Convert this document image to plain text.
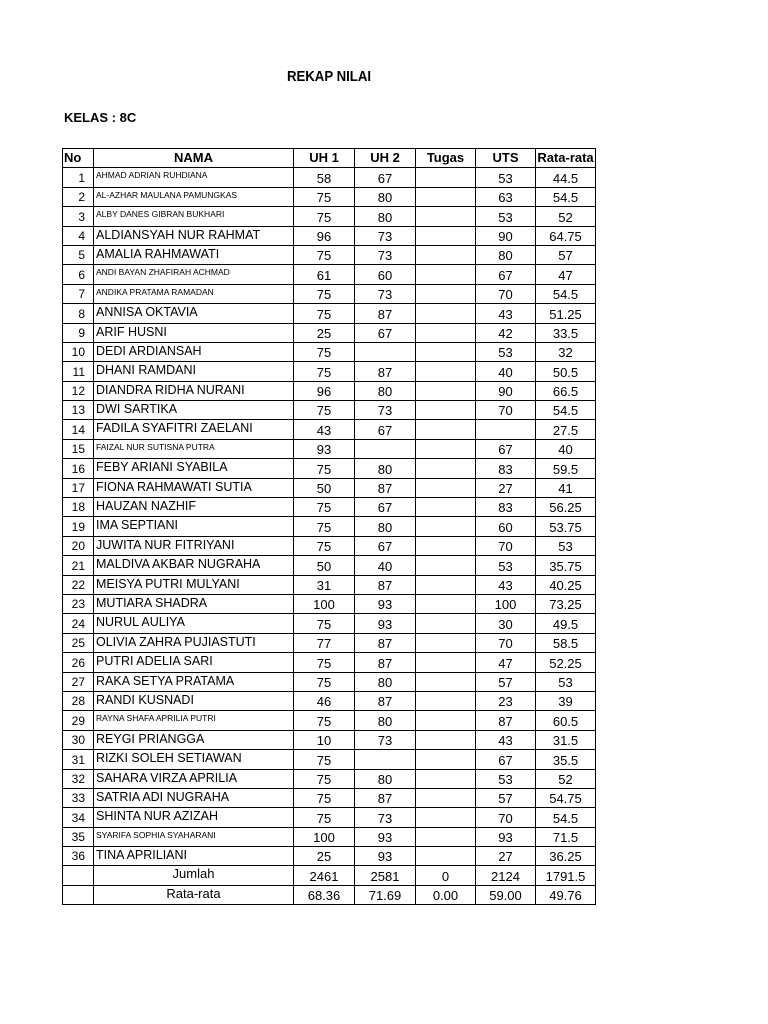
REKAP NILAI
KELAS : 8C
No	NAMA	UH 1	UH 2	Tugas	UTS	Rata-rata
1	AHMAD ADRIAN RUHDIANA	58	67		53	44.5
2	AL-AZHAR MAULANA PAMUNGKAS	75	80		63	54.5
3	ALBY DANES GIBRAN BUKHARI	75	80		53	52
4	ALDIANSYAH NUR RAHMAT	96	73		90	64.75
5	AMALIA RAHMAWATI	75	73		80	57
6	ANDI BAYAN ZHAFIRAH ACHMAD	61	60		67	47
7	ANDIKA PRATAMA RAMADAN	75	73		70	54.5
8	ANNISA OKTAVIA	75	87		43	51.25
9	ARIF HUSNI	25	67		42	33.5
10	DEDI ARDIANSAH	75			53	32
11	DHANI RAMDANI	75	87		40	50.5
12	DIANDRA RIDHA NURANI	96	80		90	66.5
13	DWI SARTIKA	75	73		70	54.5
14	FADILA SYAFITRI ZAELANI	43	67			27.5
15	FAIZAL NUR SUTISNA PUTRA	93			67	40
16	FEBY ARIANI SYABILA	75	80		83	59.5
17	FIONA RAHMAWATI SUTIA	50	87		27	41
18	HAUZAN NAZHIF	75	67		83	56.25
19	IMA SEPTIANI	75	80		60	53.75
20	JUWITA NUR FITRIYANI	75	67		70	53
21	MALDIVA AKBAR NUGRAHA	50	40		53	35.75
22	MEISYA PUTRI MULYANI	31	87		43	40.25
23	MUTIARA SHADRA	100	93		100	73.25
24	NURUL AULIYA	75	93		30	49.5
25	OLIVIA ZAHRA PUJIASTUTI	77	87		70	58.5
26	PUTRI ADELIA SARI	75	87		47	52.25
27	RAKA SETYA PRATAMA	75	80		57	53
28	RANDI KUSNADI	46	87		23	39
29	RAYNA SHAFA APRILIA PUTRI	75	80		87	60.5
30	REYGI PRIANGGA	10	73		43	31.5
31	RIZKI SOLEH SETIAWAN	75			67	35.5
32	SAHARA VIRZA APRILIA	75	80		53	52
33	SATRIA ADI NUGRAHA	75	87		57	54.75
34	SHINTA NUR AZIZAH	75	73		70	54.5
35	SYARIFA SOPHIA SYAHARANI	100	93		93	71.5
36	TINA APRILIANI	25	93		27	36.25
	Jumlah	2461	2581	0	2124	1791.5
	Rata-rata	68.36	71.69	0.00	59.00	49.76
